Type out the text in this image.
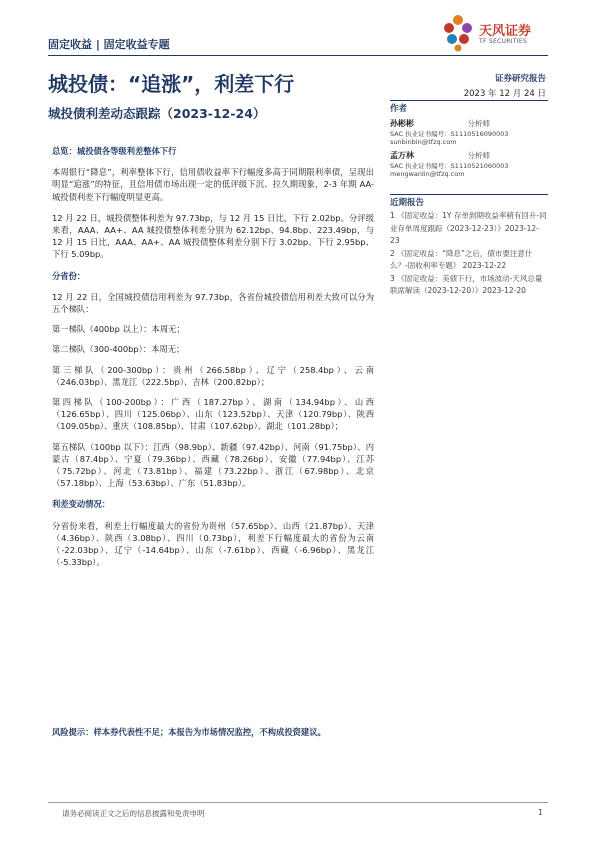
固定收益 | 固定收益专题
天风证券
TF SECURITIES
城投债：“追涨”，利差下行
城投债利差动态跟踪（2023-12-24）
证券研究报告
2023 年 12 月 24 日
作者
孙彬彬	分析师
SAC 执业证书编号：S1110516090003
sunbinbin@tfzq.com
孟万林	分析师
SAC 执业证书编号：S1110521060003
mengwanlin@tfzq.com
近期报告
1 《固定收益：1Y 存单到期收益率稍有回升-同业存单周度跟踪（2023-12-23）》2023-12-23
2 《固定收益：“降息”之后，债市要注意什么？-固收利率专题》 2023-12-22
3 《固定收益：美债下行，市场波动-天风总量联席解读（2023-12-20）》2023-12-20

总览：城投债各等级利差整体下行

本周银行“降息”，利率整体下行，信用债收益率下行幅度多高于同期限利率债，呈现出明显“追涨”的特征，且信用债市场出现一定的低评级下沉、拉久期现象，2-3 年期 AA-城投债利差下行幅度明显更高。

12 月 22 日，城投债整体利差为 97.73bp，与 12 月 15 日比，下行 2.02bp。分评级来看，AAA、AA+、AA 城投债整体利差分别为 62.12bp、94.8bp、223.49bp，与 12 月 15 日比，AAA、AA+、AA 城投债整体利差分别下行 3.02bp、下行 2.95bp、下行 5.09bp。

分省份：

12 月 22 日，全国城投债信用利差为 97.73bp，各省份城投债信用利差大致可以分为五个梯队：

第一梯队（400bp 以上）：本周无；

第二梯队（300-400bp）：本周无；

第三梯队（200-300bp）：贵州（266.58bp）、辽宁（258.4bp）、云南（246.03bp）、黑龙江（222.5bp）、吉林（200.82bp）；

第四梯队（100-200bp）：广西（187.27bp）、湖南（134.94bp）、山西（126.65bp）、四川（125.06bp）、山东（123.52bp）、天津（120.79bp）、陕西（109.05bp）、重庆（108.85bp）、甘肃（107.62bp）、湖北（101.28bp）；

第五梯队（100bp 以下）：江西（98.9bp）、新疆（97.42bp）、河南（91.75bp）、内蒙古（87.4bp）、宁夏（79.36bp）、西藏（78.26bp）、安徽（77.94bp）、江苏（75.72bp）、河北（73.81bp）、福建（73.22bp）、浙江（67.98bp）、北京（57.18bp）、上海（53.63bp）、广东（51.83bp）。

利差变动情况：

分省份来看，利差上行幅度最大的省份为贵州（57.65bp）、山西（21.87bp）、天津（4.36bp）、陕西（3.08bp）、四川（0.73bp），利差下行幅度最大的省份为云南（-22.03bp）、辽宁（-14.64bp）、山东（-7.61bp）、西藏（-6.96bp）、黑龙江（-5.33bp）。

风险提示：样本券代表性不足；本报告为市场情况监控，不构成投资建议。
请务必阅读正文之后的信息披露和免责申明	1
